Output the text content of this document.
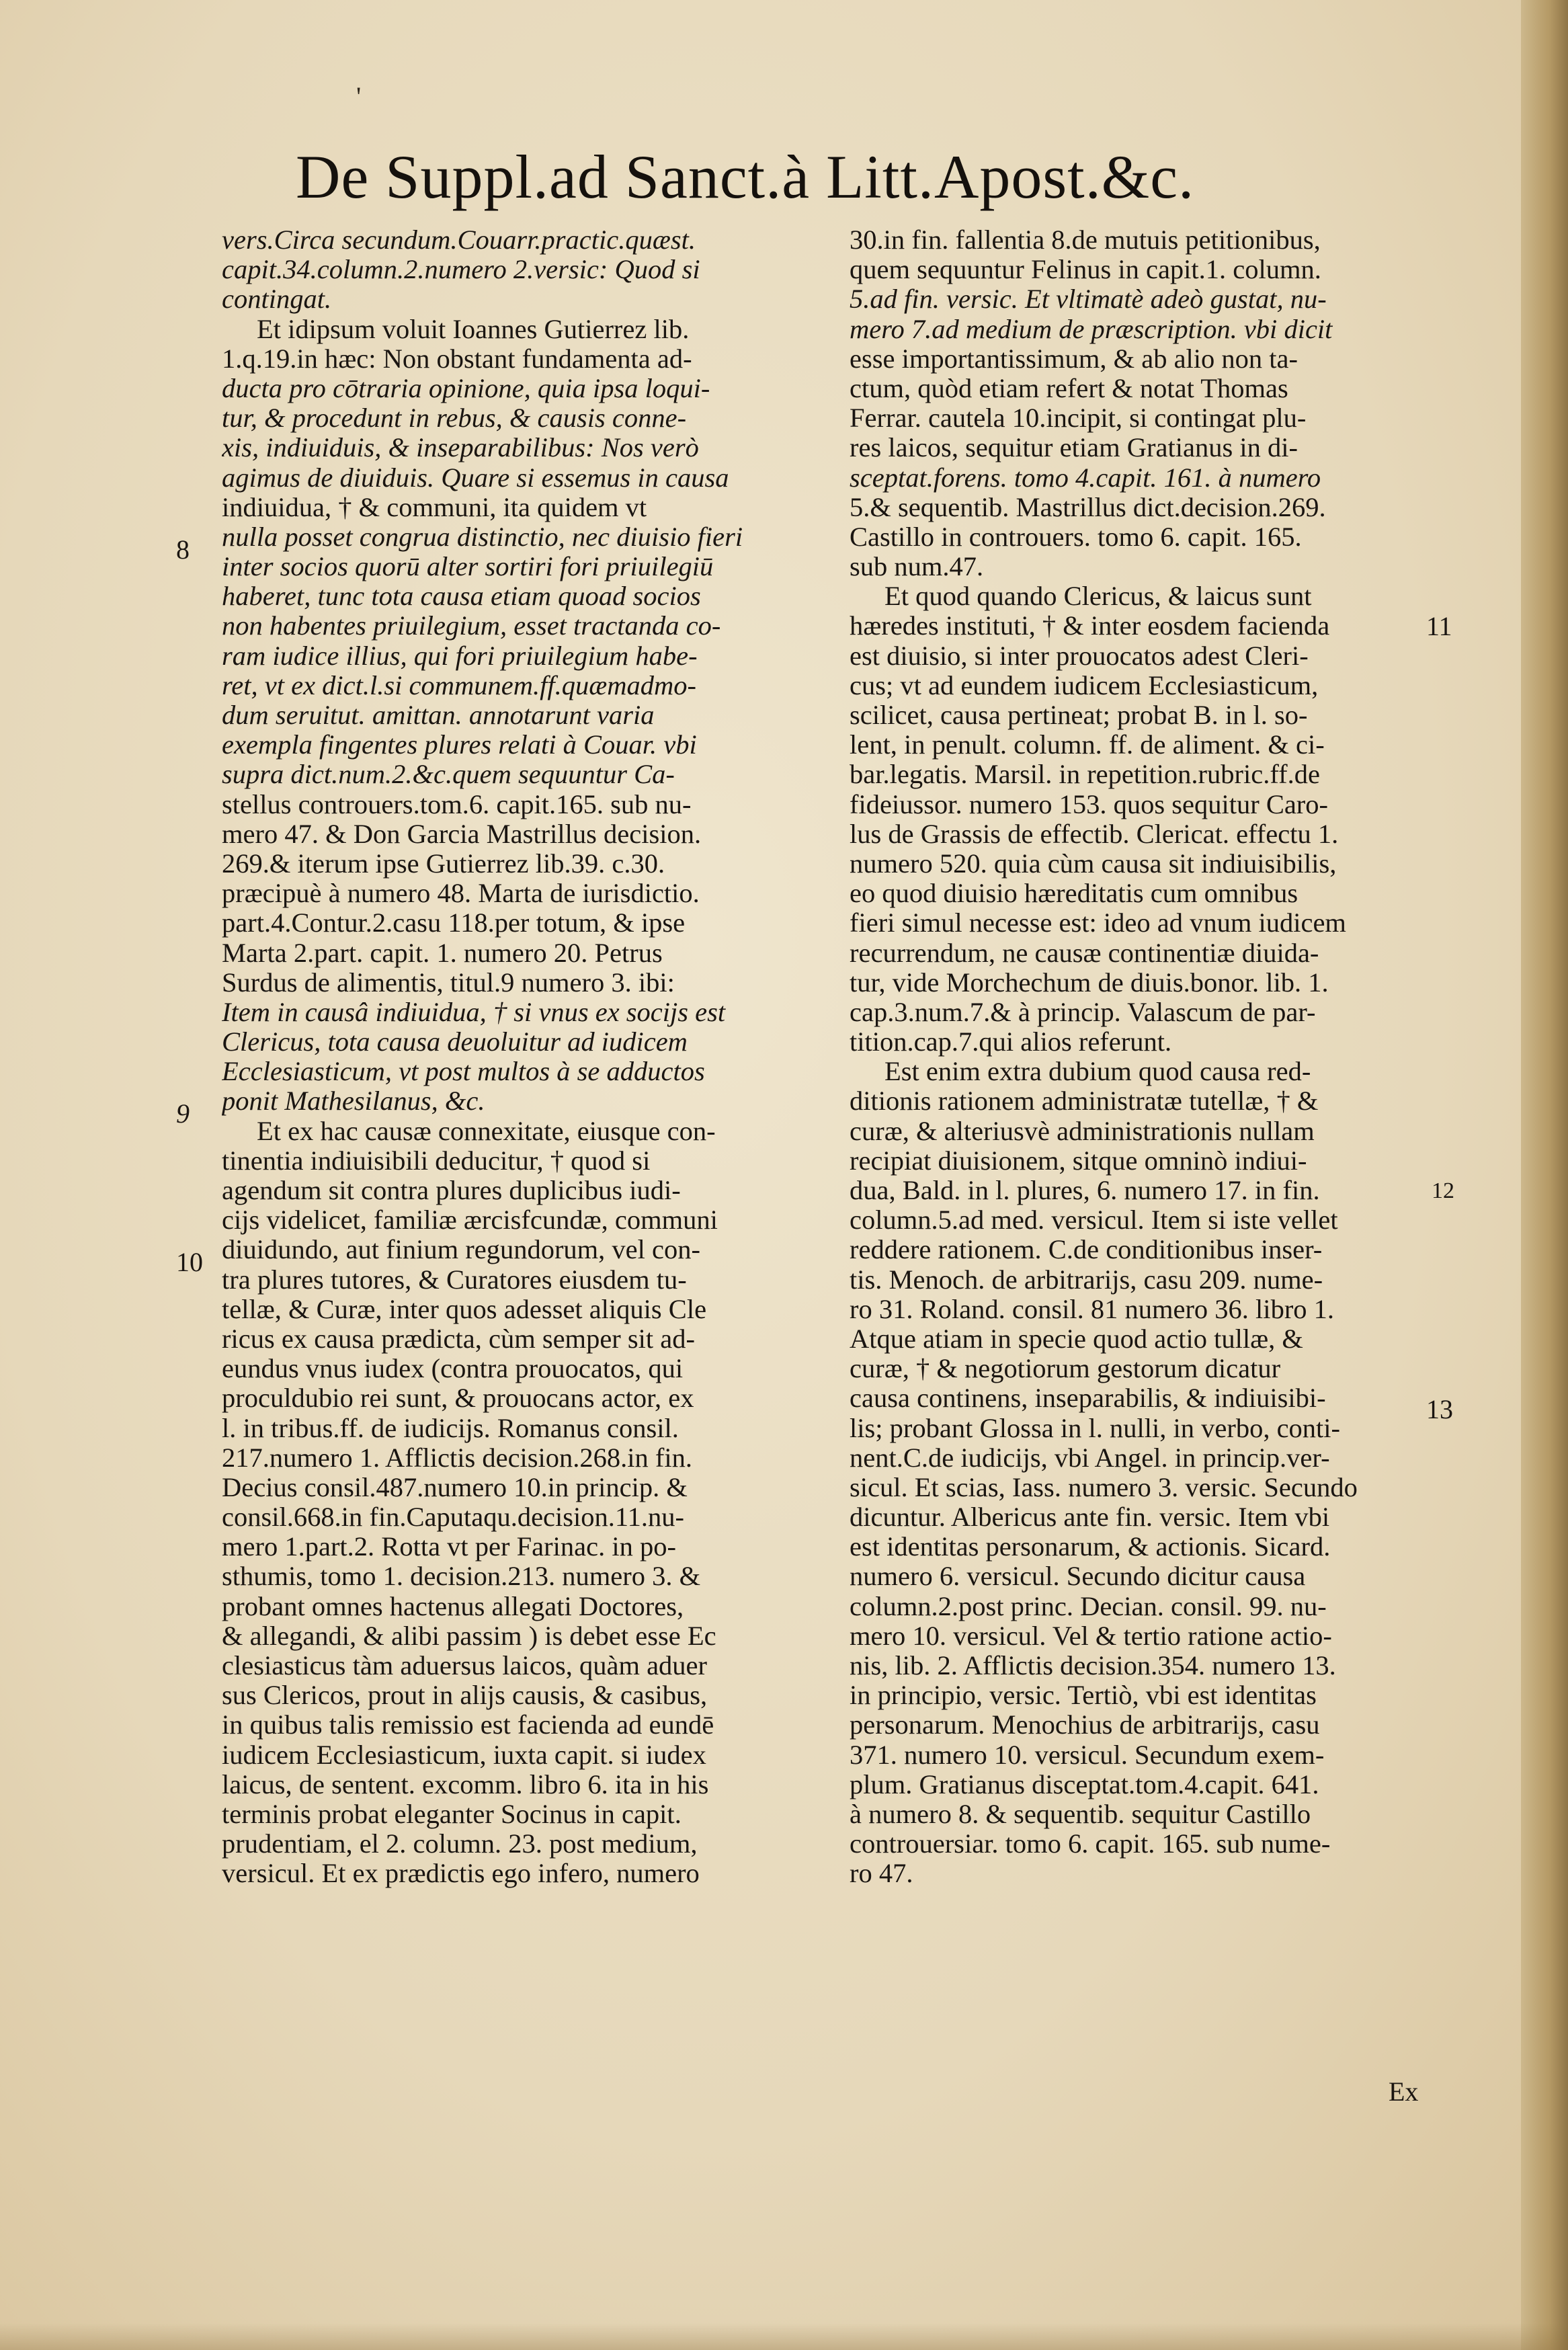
'
De Suppl.ad Sanct.à Litt.Apost.&c.
vers.Circa secundum.Couarr.practic.quæst.
capit.34.column.2.numero 2.versic: Quod si
contingat.
Et idipsum voluit Ioannes Gutierrez lib.
1.q.19.in hæc: Non obstant fundamenta ad-
ducta pro cōtraria opinione, quia ipsa loqui-
tur, & procedunt in rebus, & causis conne-
xis, indiuiduis, & inseparabilibus: Nos verò
agimus de diuiduis. Quare si essemus in causa
indiuidua, † & communi, ita quidem vt
nulla posset congrua distinctio, nec diuisio fieri
inter socios quorū alter sortiri fori priuilegiū
haberet, tunc tota causa etiam quoad socios
non habentes priuilegium, esset tractanda co-
ram iudice illius, qui fori priuilegium habe-
ret, vt ex dict.l.si communem.ff.quæmadmo-
dum seruitut. amittan. annotarunt varia
exempla fingentes plures relati à Couar. vbi
supra dict.num.2.&c.quem sequuntur Ca-
stellus controuers.tom.6. capit.165. sub nu-
mero 47. & Don Garcia Mastrillus decision.
269.& iterum ipse Gutierrez lib.39. c.30.
præcipuè à numero 48. Marta de iurisdictio.
part.4.Contur.2.casu 118.per totum, & ipse
Marta 2.part. capit. 1. numero 20. Petrus
Surdus de alimentis, titul.9 numero 3. ibi:
Item in causâ indiuidua, † si vnus ex socijs est
Clericus, tota causa deuoluitur ad iudicem
Ecclesiasticum, vt post multos à se adductos
ponit Mathesilanus, &c.
Et ex hac causæ connexitate, eiusque con-
tinentia indiuisibili deducitur, † quod si
agendum sit contra plures duplicibus iudi-
cijs videlicet, familiæ ærcisfcundæ, communi
diuidundo, aut finium regundorum, vel con-
tra plures tutores, & Curatores eiusdem tu-
tellæ, & Curæ, inter quos adesset aliquis Cle
ricus ex causa prædicta, cùm semper sit ad-
eundus vnus iudex (contra prouocatos, qui
proculdubio rei sunt, & prouocans actor, ex
l. in tribus.ff. de iudicijs. Romanus consil.
217.numero 1. Afflictis decision.268.in fin.
Decius consil.487.numero 10.in princip. &
consil.668.in fin.Caputaqu.decision.11.nu-
mero 1.part.2. Rotta vt per Farinac. in po-
sthumis, tomo 1. decision.213. numero 3. &
probant omnes hactenus allegati Doctores,
& allegandi, & alibi passim ) is debet esse Ec
clesiasticus tàm aduersus laicos, quàm aduer
sus Clericos, prout in alijs causis, & casibus,
in quibus talis remissio est facienda ad eundē
iudicem Ecclesiasticum, iuxta capit. si iudex
laicus, de sentent. excomm. libro 6. ita in his
terminis probat eleganter Socinus in capit.
prudentiam, el 2. column. 23. post medium,
versicul. Et ex prædictis ego infero, numero
30.in fin. fallentia 8.de mutuis petitionibus,
quem sequuntur Felinus in capit.1. column.
5.ad fin. versic. Et vltimatè adeò gustat, nu-
mero 7.ad medium de præscription. vbi dicit
esse importantissimum, & ab alio non ta-
ctum, quòd etiam refert & notat Thomas
Ferrar. cautela 10.incipit, si contingat plu-
res laicos, sequitur etiam Gratianus in di-
sceptat.forens. tomo 4.capit. 161. à numero
5.& sequentib. Mastrillus dict.decision.269.
Castillo in controuers. tomo 6. capit. 165.
sub num.47.
Et quod quando Clericus, & laicus sunt
hæredes instituti, † & inter eosdem facienda
est diuisio, si inter prouocatos adest Cleri-
cus; vt ad eundem iudicem Ecclesiasticum,
scilicet, causa pertineat; probat B. in l. so-
lent, in penult. column. ff. de aliment. & ci-
bar.legatis. Marsil. in repetition.rubric.ff.de
fideiussor. numero 153. quos sequitur Caro-
lus de Grassis de effectib. Clericat. effectu 1.
numero 520. quia cùm causa sit indiuisibilis,
eo quod diuisio hæreditatis cum omnibus
fieri simul necesse est: ideo ad vnum iudicem
recurrendum, ne causæ continentiæ diuida-
tur, vide Morchechum de diuis.bonor. lib. 1.
cap.3.num.7.& à princip. Valascum de par-
tition.cap.7.qui alios referunt.
Est enim extra dubium quod causa red-
ditionis rationem administratæ tutellæ, † &
curæ, & alteriusvè administrationis nullam
recipiat diuisionem, sitque omninò indiui-
dua, Bald. in l. plures, 6. numero 17. in fin.
column.5.ad med. versicul. Item si iste vellet
reddere rationem. C.de conditionibus inser-
tis. Menoch. de arbitrarijs, casu 209. nume-
ro 31. Roland. consil. 81 numero 36. libro 1.
Atque atiam in specie quod actio tullæ, &
curæ, † & negotiorum gestorum dicatur
causa continens, inseparabilis, & indiuisibi-
lis; probant Glossa in l. nulli, in verbo, conti-
nent.C.de iudicijs, vbi Angel. in princip.ver-
sicul. Et scias, Iass. numero 3. versic. Secundo
dicuntur. Albericus ante fin. versic. Item vbi
est identitas personarum, & actionis. Sicard.
numero 6. versicul. Secundo dicitur causa
column.2.post princ. Decian. consil. 99. nu-
mero 10. versicul. Vel & tertio ratione actio-
nis, lib. 2. Afflictis decision.354. numero 13.
in principio, versic. Tertiò, vbi est identitas
personarum. Menochius de arbitrarijs, casu
371. numero 10. versicul. Secundum exem-
plum. Gratianus disceptat.tom.4.capit. 641.
à numero 8. & sequentib. sequitur Castillo
controuersiar. tomo 6. capit. 165. sub nume-
ro 47.
8
9
10
11
12
13
Ex
